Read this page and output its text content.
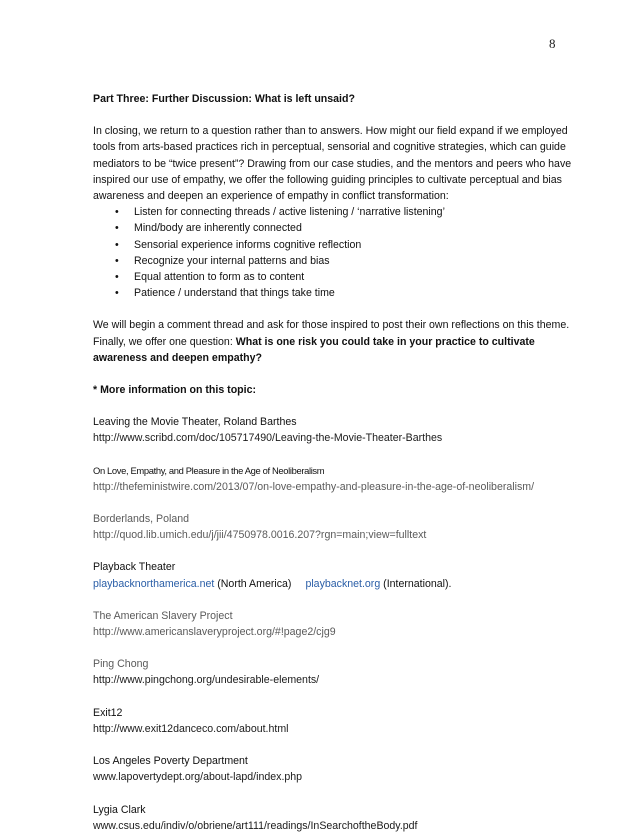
8

Part Three: Further Discussion: What is left unsaid?

In closing, we return to a question rather than to answers. How might our field expand if we employed tools from arts-based practices rich in perceptual, sensorial and cognitive strategies, which can guide mediators to be “twice present”? Drawing from our case studies, and the mentors and peers who have inspired our use of empathy, we offer the following guiding principles to cultivate perceptual and bias awareness and deepen an experience of empathy in conflict transformation:

• Listen for connecting threads / active listening / ‘narrative listening’
• Mind/body are inherently connected
• Sensorial experience informs cognitive reflection
• Recognize your internal patterns and bias
• Equal attention to form as to content
• Patience / understand that things take time

We will begin a comment thread and ask for those inspired to post their own reflections on this theme. Finally, we offer one question: What is one risk you could take in your practice to cultivate awareness and deepen empathy?

* More information on this topic:

Leaving the Movie Theater, Roland Barthes

http://www.scribd.com/doc/105717490/Leaving-the-Movie-Theater-Barthes

On Love, Empathy, and Pleasure in the Age of Neoliberalism

http://thefeministwire.com/2013/07/on-love-empathy-and-pleasure-in-the-age-of-neoliberalism/

Borderlands, Poland

http://quod.lib.umich.edu/j/jii/4750978.0016.207?rgn=main;view=fulltext

Playback Theater

playbacknorthamerica.net (North America) playbacknet.org (International).

The American Slavery Project

http://www.americanslaveryproject.org/#!page2/cjg9

Ping Chong

http://www.pingchong.org/undesirable-elements/

Exit12

http://www.exit12danceco.com/about.html

Los Angeles Poverty Department

www.lapovertydept.org/about-lapd/index.php

Lygia Clark

www.csus.edu/indiv/o/obriene/art111/readings/InSearchoftheBody.pdf
